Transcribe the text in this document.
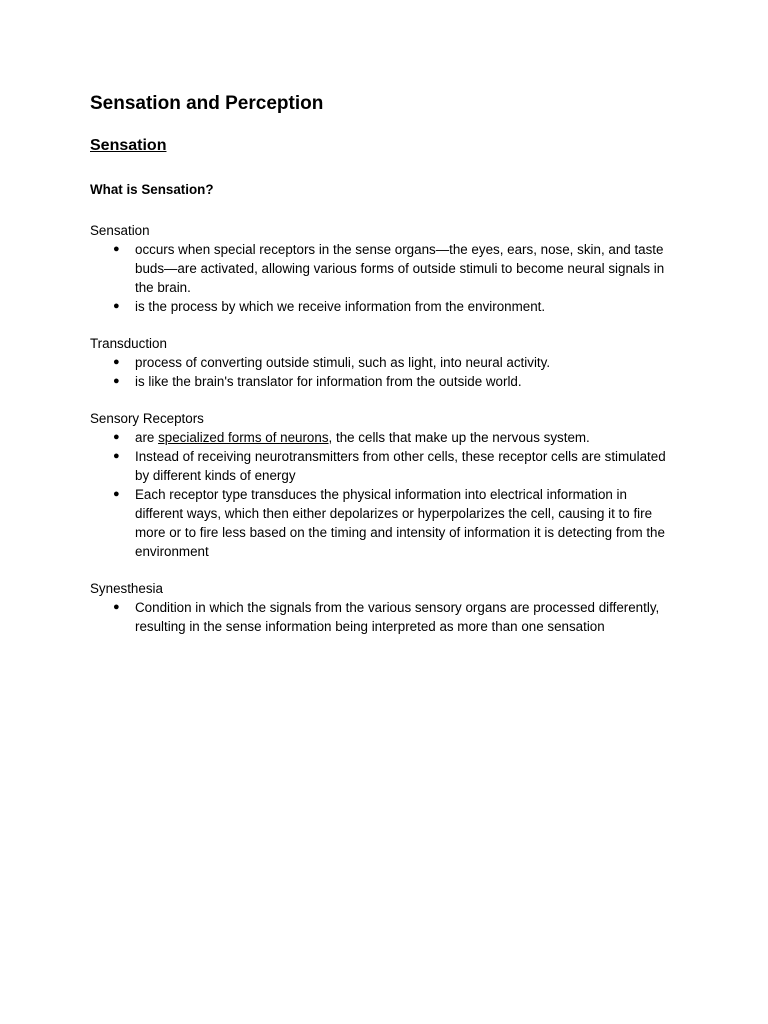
Sensation and Perception
Sensation
What is Sensation?

Sensation

● occurs when special receptors in the sense organs—the eyes, ears, nose, skin, and taste buds—are activated, allowing various forms of outside stimuli to become neural signals in the brain.
● is the process by which we receive information from the environment.

Transduction

● process of converting outside stimuli, such as light, into neural activity.
● is like the brain's translator for information from the outside world.

Sensory Receptors

● are specialized forms of neurons, the cells that make up the nervous system.
● Instead of receiving neurotransmitters from other cells, these receptor cells are stimulated by different kinds of energy
● Each receptor type transduces the physical information into electrical information in different ways, which then either depolarizes or hyperpolarizes the cell, causing it to fire more or to fire less based on the timing and intensity of information it is detecting from the environment

Synesthesia

● Condition in which the signals from the various sensory organs are processed differently, resulting in the sense information being interpreted as more than one sensation
